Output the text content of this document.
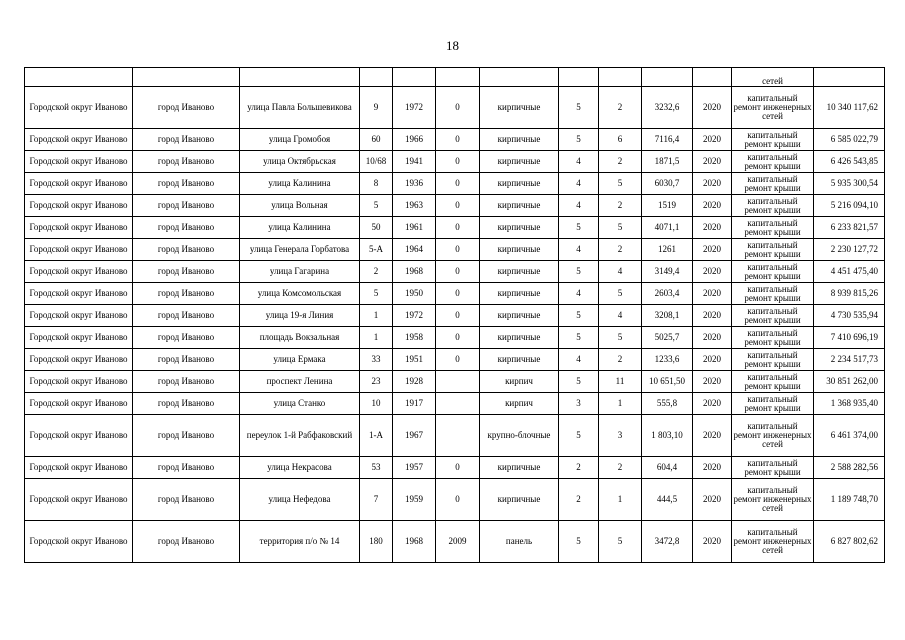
18
											сетей	
Городской округ Иваново	город Иваново	улица Павла Большевикова	9	1972	0	кирпичные	5	2	3232,6	2020	капитальный ремонт инженерных сетей	10 340 117,62
Городской округ Иваново	город Иваново	улица Громобоя	60	1966	0	кирпичные	5	6	7116,4	2020	капитальный ремонт крыши	6 585 022,79
Городской округ Иваново	город Иваново	улица Октябрьская	10/68	1941	0	кирпичные	4	2	1871,5	2020	капитальный ремонт крыши	6 426 543,85
Городской округ Иваново	город Иваново	улица Калинина	8	1936	0	кирпичные	4	5	6030,7	2020	капитальный ремонт крыши	5 935 300,54
Городской округ Иваново	город Иваново	улица Вольная	5	1963	0	кирпичные	4	2	1519	2020	капитальный ремонт крыши	5 216 094,10
Городской округ Иваново	город Иваново	улица Калинина	50	1961	0	кирпичные	5	5	4071,1	2020	капитальный ремонт крыши	6 233 821,57
Городской округ Иваново	город Иваново	улица Генерала Горбатова	5-А	1964	0	кирпичные	4	2	1261	2020	капитальный ремонт крыши	2 230 127,72
Городской округ Иваново	город Иваново	улица Гагарина	2	1968	0	кирпичные	5	4	3149,4	2020	капитальный ремонт крыши	4 451 475,40
Городской округ Иваново	город Иваново	улица Комсомольская	5	1950	0	кирпичные	4	5	2603,4	2020	капитальный ремонт крыши	8 939 815,26
Городской округ Иваново	город Иваново	улица 19-я Линия	1	1972	0	кирпичные	5	4	3208,1	2020	капитальный ремонт крыши	4 730 535,94
Городской округ Иваново	город Иваново	площадь Вокзальная	1	1958	0	кирпичные	5	5	5025,7	2020	капитальный ремонт крыши	7 410 696,19
Городской округ Иваново	город Иваново	улица Ермака	33	1951	0	кирпичные	4	2	1233,6	2020	капитальный ремонт крыши	2 234 517,73
Городской округ Иваново	город Иваново	проспект Ленина	23	1928		кирпич	5	11	10 651,50	2020	капитальный ремонт крыши	30 851 262,00
Городской округ Иваново	город Иваново	улица Станко	10	1917		кирпич	3	1	555,8	2020	капитальный ремонт крыши	1 368 935,40
Городской округ Иваново	город Иваново	переулок 1-й Рабфаковский	1-А	1967		крупно-блочные	5	3	1 803,10	2020	капитальный ремонт инженерных сетей	6 461 374,00
Городской округ Иваново	город Иваново	улица Некрасова	53	1957	0	кирпичные	2	2	604,4	2020	капитальный ремонт крыши	2 588 282,56
Городской округ Иваново	город Иваново	улица Нефедова	7	1959	0	кирпичные	2	1	444,5	2020	капитальный ремонт инженерных сетей	1 189 748,70
Городской округ Иваново	город Иваново	территория п/о № 14	180	1968	2009	панель	5	5	3472,8	2020	капитальный ремонт инженерных сетей	6 827 802,62
